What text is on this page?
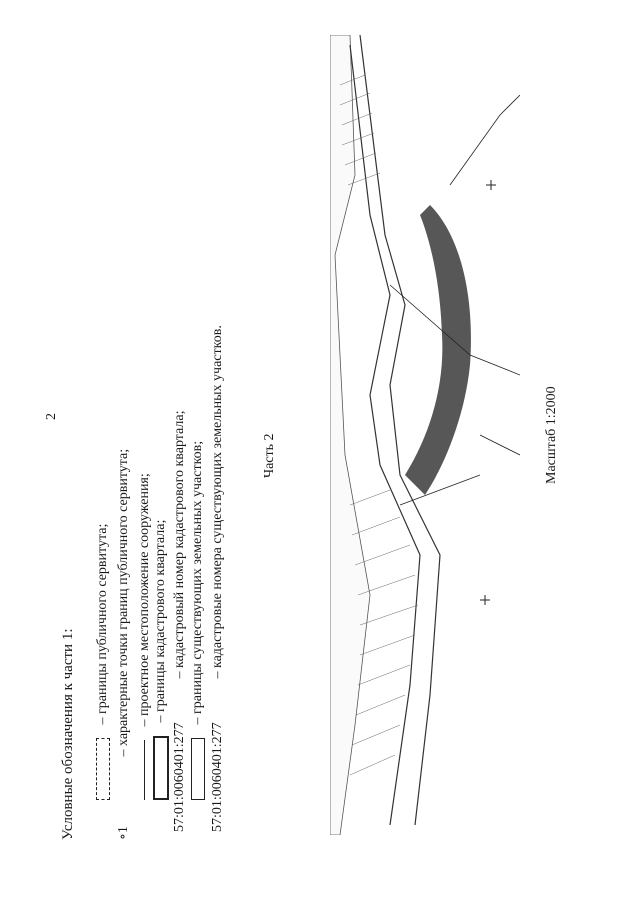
2
Условные обозначения к части 1:
– границы публичного сервитута;
∘1 – характерные точки границ публичного сервитута; – проектное местоположение сооружения; – границы кадастрового квартала;
57:01:0060401:277 – кадастровый номер кадастрового квартала; – границы существующих земельных участков;
57:01:0060401:277 – кадастровые номера существующих земельных участков.	Часть 2	Масштаб 1:2000
